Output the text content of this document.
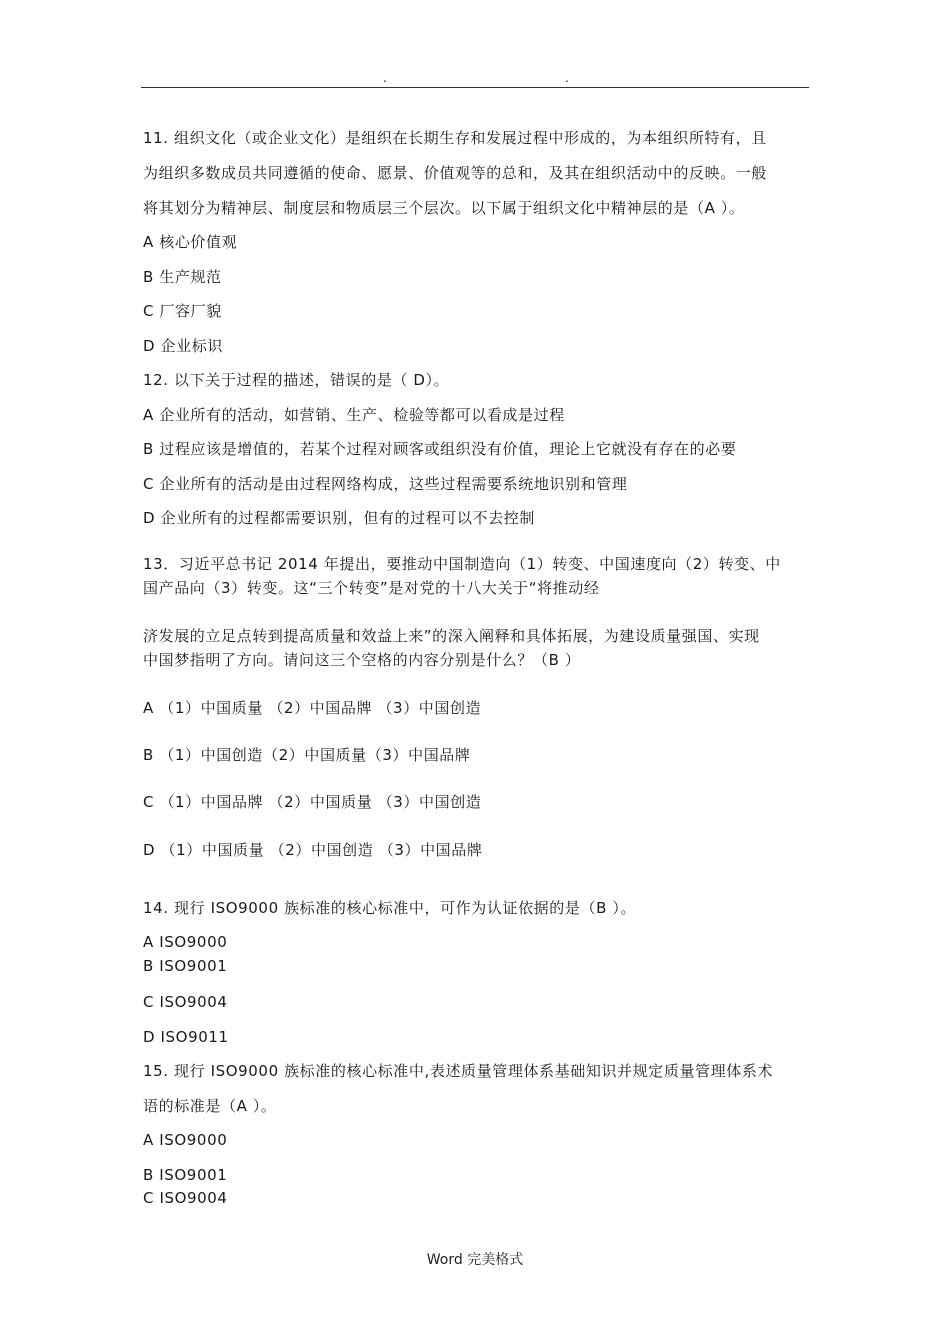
.	.
11. 组织文化（或企业文化）是组织在长期生存和发展过程中形成的，为本组织所特有，且
为组织多数成员共同遵循的使命、愿景、价值观等的总和，及其在组织活动中的反映。一般
将其划分为精神层、制度层和物质层三个层次。以下属于组织文化中精神层的是（A ）。
A 核心价值观
B 生产规范
C 厂容厂貌
D 企业标识
12. 以下关于过程的描述，错误的是（ D）。
A 企业所有的活动，如营销、生产、检验等都可以看成是过程
B 过程应该是增值的，若某个过程对顾客或组织没有价值，理论上它就没有存在的必要
C 企业所有的活动是由过程网络构成，这些过程需要系统地识别和管理
D 企业所有的过程都需要识别，但有的过程可以不去控制
13．习近平总书记 2014 年提出，要推动中国制造向（1）转变、中国速度向（2）转变、中
国产品向（3）转变。这“三个转变”是对党的十八大关于“将推动经
济发展的立足点转到提高质量和效益上来”的深入阐释和具体拓展，为建设质量强国、实现
中国梦指明了方向。请问这三个空格的内容分别是什么？（B ）
A （1）中国质量 （2）中国品牌 （3）中国创造
B （1）中国创造（2）中国质量（3）中国品牌
C （1）中国品牌 （2）中国质量 （3）中国创造
D （1）中国质量 （2）中国创造 （3）中国品牌
14. 现行 ISO9000 族标准的核心标准中，可作为认证依据的是（B ）。
A ISO9000
B ISO9001
C ISO9004
D ISO9011
15. 现行 ISO9000 族标准的核心标准中,表述质量管理体系基础知识并规定质量管理体系术
语的标准是（A ）。
A ISO9000
B ISO9001
C ISO9004
Word 完美格式
